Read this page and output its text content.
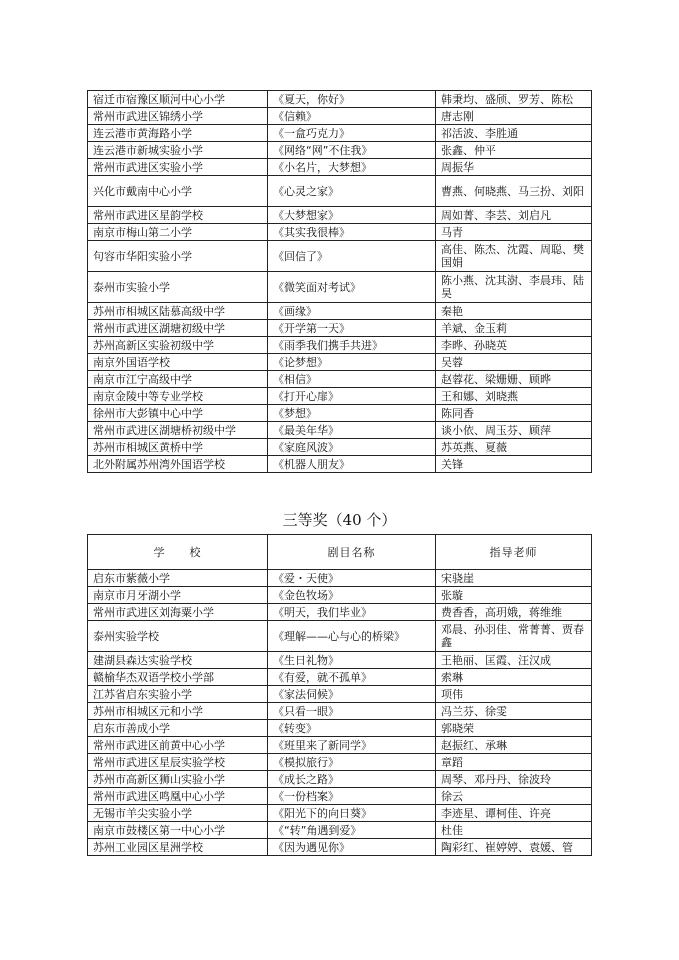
宿迁市宿豫区顺河中心小学	《夏天，你好》	韩秉均、盛颀、罗芳、陈松
常州市武进区锦绣小学	《信赖》	唐志刚
连云港市黄海路小学	《一盒巧克力》	祁活波、李胜通
连云港市新城实验小学	《网络“网”不住我》	张鑫、仲平
常州市武进区实验小学	《小名片，大梦想》	周振华
兴化市戴南中心小学	《心灵之家》	曹燕、何晓燕、马三扮、刘阳
常州市武进区星韵学校	《大梦想家》	周如菁、李芸、刘启凡
南京市梅山第二小学	《其实我很棒》	马青
句容市华阳实验小学	《回信了》	高佳、陈杰、沈霞、周聪、樊国娟
泰州市实验小学	《微笑面对考试》	陈小燕、沈其澍、李晨玮、陆昊
苏州市相城区陆慕高级中学	《画缘》	秦艳
常州市武进区湖塘初级中学	《开学第一天》	羊斌、金玉莉
苏州高新区实验初级中学	《雨季我们携手共进》	李晔、孙晓英
南京外国语学校	《论梦想》	吴蓉
南京市江宁高级中学	《相信》	赵蓉花、梁姗姗、顾晔
南京金陵中等专业学校	《打开心扉》	王和娜、刘晓燕
徐州市大彭镇中心中学	《梦想》	陈同香
常州市武进区湖塘桥初级中学	《最美年华》	谈小依、周玉芬、顾萍
苏州市相城区黄桥中学	《家庭风波》	苏英燕、夏薇
北外附属苏州湾外国语学校	《机器人朋友》	关锋
三等奖（40 个）
学　　校	剧目名称	指导老师
启东市紫薇小学	《爱・天使》	宋骁崖
南京市月牙湖小学	《金色牧场》	张璇
常州市武进区刘海粟小学	《明天，我们毕业》	费香香，高玥娥，蒋维维
泰州实验学校	《理解——心与心的桥梁》	邓晨、孙羽佳、常菁菁、贾春鑫
建湖县森达实验学校	《生日礼物》	王艳丽、匡霞、汪汉成
赣榆华杰双语学校小学部	《有爱，就不孤单》	索琳
江苏省启东实验小学	《家法伺候》	项伟
苏州市相城区元和小学	《只看一眼》	冯兰芬、徐雯
启东市善成小学	《转变》	郭晓荣
常州市武进区前黄中心小学	《班里来了新同学》	赵振红、承琳
常州市武进区星辰实验学校	《模拟旅行》	章蹈
苏州市高新区狮山实验小学	《成长之路》	周琴、邓丹丹、徐波玲
常州市武进区鸣凰中心小学	《一份档案》	徐云
无锡市羊尖实验小学	《阳光下的向日葵》	李迹星、谭柯佳、许亮
南京市鼓楼区第一中心小学	《“转”角遇到爱》	杜佳
苏州工业园区星洲学校	《因为遇见你》	陶彩红、崔婷婷、袁媛、管
